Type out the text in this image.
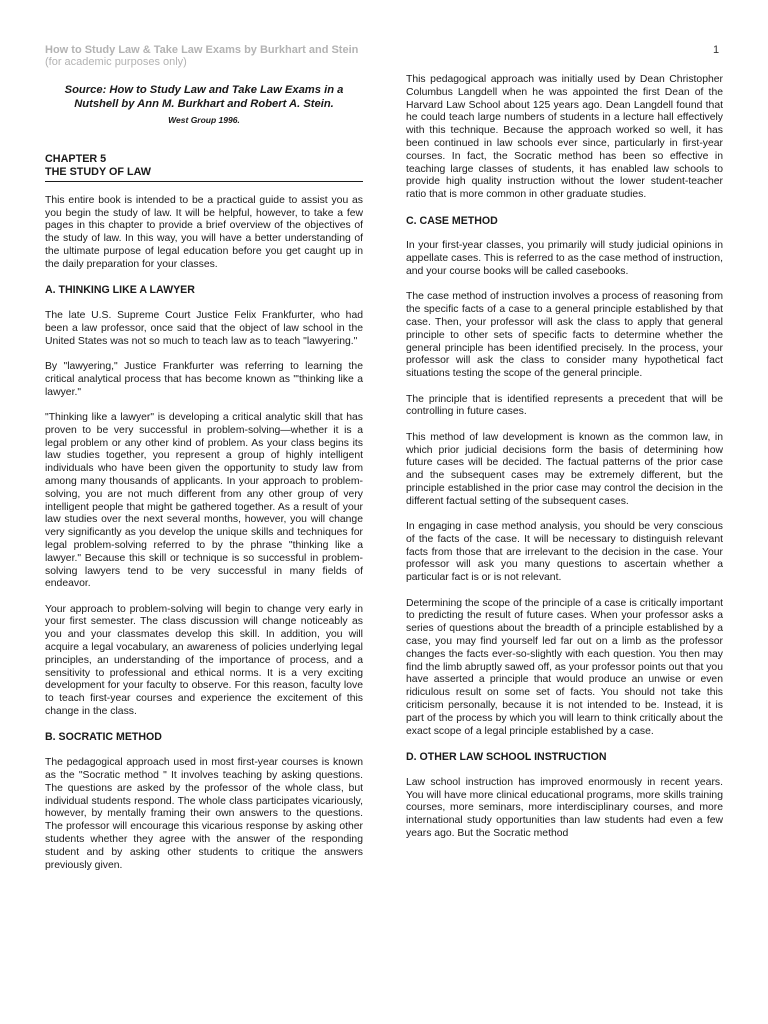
How to Study Law & Take Law Exams by Burkhart and Stein
(for academic purposes only)
1
Source: How to Study Law and Take Law Exams in a Nutshell by Ann M. Burkhart and Robert A. Stein.
West Group 1996.
CHAPTER 5
THE STUDY OF LAW

This entire book is intended to be a practical guide to assist you as you begin the study of law. It will be helpful, however, to take a few pages in this chapter to provide a brief overview of the objectives of the study of law. In this way, you will have a better understanding of the ultimate purpose of legal education before you get caught up in the daily preparation for your classes.

A. THINKING LIKE A LAWYER

The late U.S. Supreme Court Justice Felix Frankfurter, who had been a law professor, once said that the object of law school in the United States was not so much to teach law as to teach "lawyering."

By "lawyering," Justice Frankfurter was referring to learning the critical analytical process that has become known as "'thinking like a lawyer."

"Thinking like a lawyer" is developing a critical analytic skill that has proven to be very successful in problem-solving—whether it is a legal problem or any other kind of problem. As your class begins its law studies together, you represent a group of highly intelligent individuals who have been given the opportunity to study law from among many thousands of applicants. In your approach to problem-solving, you are not much different from any other group of very intelligent people that might be gathered together. As a result of your law studies over the next several months, however, you will change very significantly as you develop the unique skills and techniques for legal problem-solving referred to by the phrase "thinking like a lawyer." Because this skill or technique is so successful in problem-solving lawyers tend to be very successful in many fields of endeavor.

Your approach to problem-solving will begin to change very early in your first semester. The class discussion will change noticeably as you and your classmates develop this skill. In addition, you will acquire a legal vocabulary, an awareness of policies underlying legal principles, an understanding of the importance of process, and a sensitivity to professional and ethical norms. It is a very exciting development for your faculty to observe. For this reason, faculty love to teach first-year courses and experience the excitement of this change in the class.

B. SOCRATIC METHOD

The pedagogical approach used in most first-year courses is known as the "Socratic method " It involves teaching by asking questions. The questions are asked by the professor of the whole class, but individual students respond. The whole class participates vicariously, however, by mentally framing their own answers to the questions. The professor will encourage this vicarious response by asking other students whether they agree with the answer of the responding student and by asking other students to critique the answers previously given.

This pedagogical approach was initially used by Dean Christopher Columbus Langdell when he was appointed the first Dean of the Harvard Law School about 125 years ago. Dean Langdell found that he could teach large numbers of students in a lecture hall effectively with this technique. Because the approach worked so well, it has been continued in law schools ever since, particularly in first-year courses. In fact, the Socratic method has been so effective in teaching large classes of students, it has enabled law schools to provide high quality instruction without the lower student-teacher ratio that is more common in other graduate studies.

C. CASE METHOD

In your first-year classes, you primarily will study judicial opinions in appellate cases. This is referred to as the case method of instruction, and your course books will be called casebooks.

The case method of instruction involves a process of reasoning from the specific facts of a case to a general principle established by that case. Then, your professor will ask the class to apply that general principle to other sets of specific facts to determine whether the general principle has been identified precisely. In the process, your professor will ask the class to consider many hypothetical fact situations testing the scope of the general principle.

The principle that is identified represents a precedent that will be controlling in future cases.

This method of law development is known as the common law, in which prior judicial decisions form the basis of determining how future cases will be decided. The factual patterns of the prior case and the subsequent cases may be extremely different, but the principle established in the prior case may control the decision in the different factual setting of the subsequent cases.

In engaging in case method analysis, you should be very conscious of the facts of the case. It will be necessary to distinguish relevant facts from those that are irrelevant to the decision in the case. Your professor will ask you many questions to ascertain whether a particular fact is or is not relevant.

Determining the scope of the principle of a case is critically important to predicting the result of future cases. When your professor asks a series of questions about the breadth of a principle established by a case, you may find yourself led far out on a limb as the professor changes the facts ever-so-slightly with each question. You then may find the limb abruptly sawed off, as your professor points out that you have asserted a principle that would produce an unwise or even ridiculous result on some set of facts. You should not take this criticism personally, because it is not intended to be. Instead, it is part of the process by which you will learn to think critically about the exact scope of a legal principle established by a case.

D. OTHER LAW SCHOOL INSTRUCTION

Law school instruction has improved enormously in recent years. You will have more clinical educational programs, more skills training courses, more seminars, more interdisciplinary courses, and more international study opportunities than law students had even a few years ago. But the Socratic method
